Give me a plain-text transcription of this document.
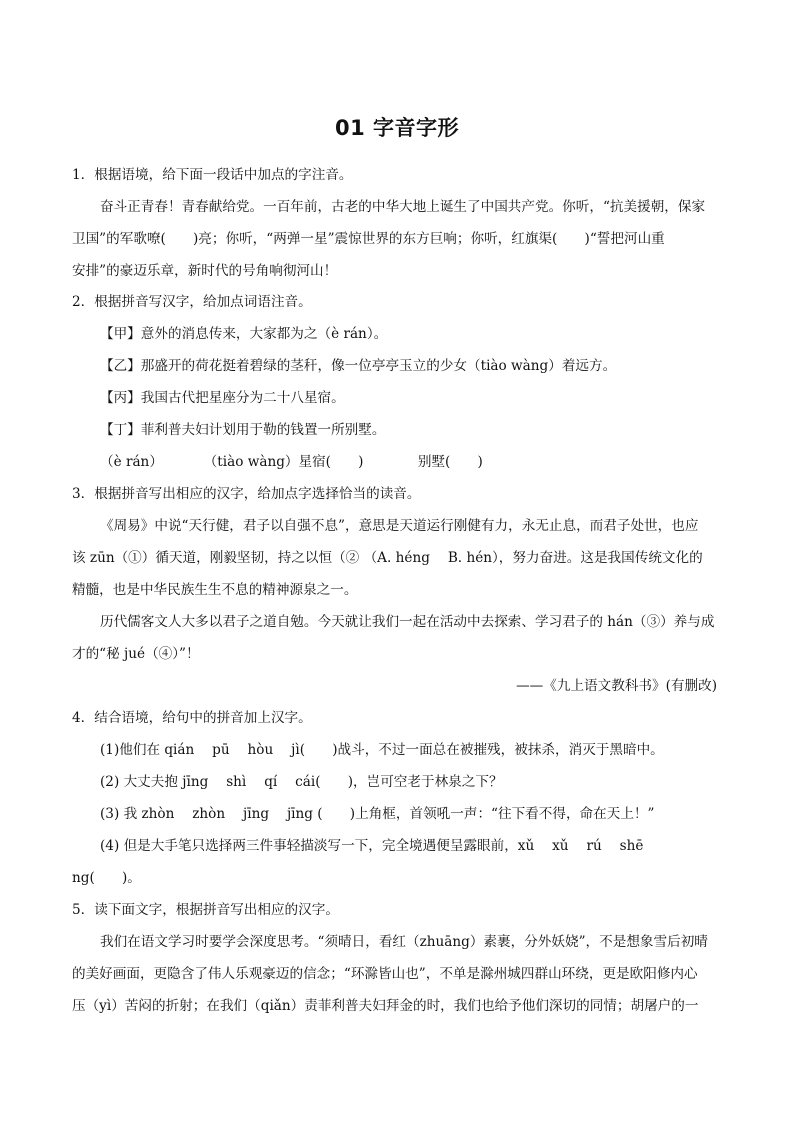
01 字音字形
1．根据语境，给下面一段话中加点的字注音。
奋斗正青春！青春献给党。一百年前，古老的中华大地上诞生了中国共产党。你听，“抗美援朝，保家
卫国”的军歌嘹(　　)亮；你听，“两弹一星”震惊世界的东方巨响；你听，红旗渠(　　)“誓把河山重
安排”的豪迈乐章，新时代的号角响彻河山！
2．根据拼音写汉字，给加点词语注音。
【甲】意外的消息传来，大家都为之（è rán）。
【乙】那盛开的荷花挺着碧绿的茎秆，像一位亭亭玉立的少女（tiào wàng）着远方。
【丙】我国古代把星座分为二十八星宿。
【丁】菲利普夫妇计划用于勒的钱置一所别墅。
（è rán）　　　　（tiào wàng）星宿(　　)　　　　别墅(　　)
3．根据拼音写出相应的汉字，给加点字选择恰当的读音。
《周易》中说“天行健，君子以自强不息”，意思是天道运行刚健有力，永无止息，而君子处世，也应
该 zūn（①）循天道，刚毅坚韧，持之以恒（② （A. héng　 B. hén），努力奋进。这是我国传统文化的
精髓，也是中华民族生生不息的精神源泉之一。
历代儒客文人大多以君子之道自勉。今天就让我们一起在活动中去探索、学习君子的 hán（③）养与成
才的“秘 jué（④）”！
——《九上语文教科书》(有删改)
4．结合语境，给句中的拼音加上汉字。
(1)他们在 qián　 pū　 hòu　 jì(　　)战斗，不过一面总在被摧残，被抹杀，消灭于黑暗中。
(2) 大丈夫抱 jīng　 shì　 qí　 cái(　　)，岂可空老于林泉之下？
(3) 我 zhòn　 zhòn　 jīng　 jīng (　　)上角框，首领吼一声：“往下看不得，命在天上！”
(4) 但是大手笔只选择两三件事轻描淡写一下，完全境遇便呈露眼前，xǔ　 xǔ　 rú　 shē
ng(　　)。
5．读下面文字，根据拼音写出相应的汉字。
我们在语文学习时要学会深度思考。“须晴日，看红（zhuāng）素裹，分外妖娆”，不是想象雪后初晴
的美好画面，更隐含了伟人乐观豪迈的信念；“环滁皆山也”，不单是滁州城四群山环绕，更是欧阳修内心
压（yì）苦闷的折射；在我们（qiǎn）责菲利普夫妇拜金的时，我们也给予他们深切的同情；胡屠户的一
